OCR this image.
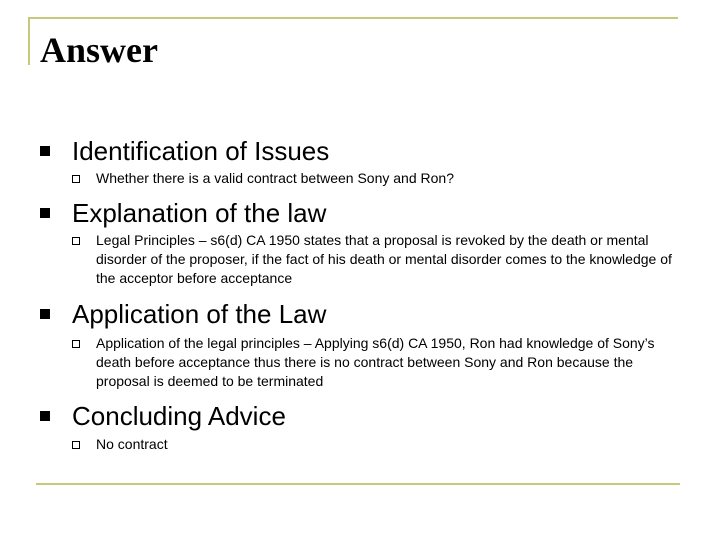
Answer
Identification of Issues
Whether there is a valid contract between Sony and Ron?
Explanation of the law
Legal Principles – s6(d) CA 1950 states that a proposal is revoked by the death or mental disorder of the proposer, if the fact of his death or mental disorder comes to the knowledge of the acceptor before acceptance
Application of the Law
Application of the legal principles – Applying s6(d) CA 1950, Ron had knowledge of Sony’s death before acceptance thus there is no contract between Sony and Ron because the proposal is deemed to be terminated
Concluding Advice
No contract
